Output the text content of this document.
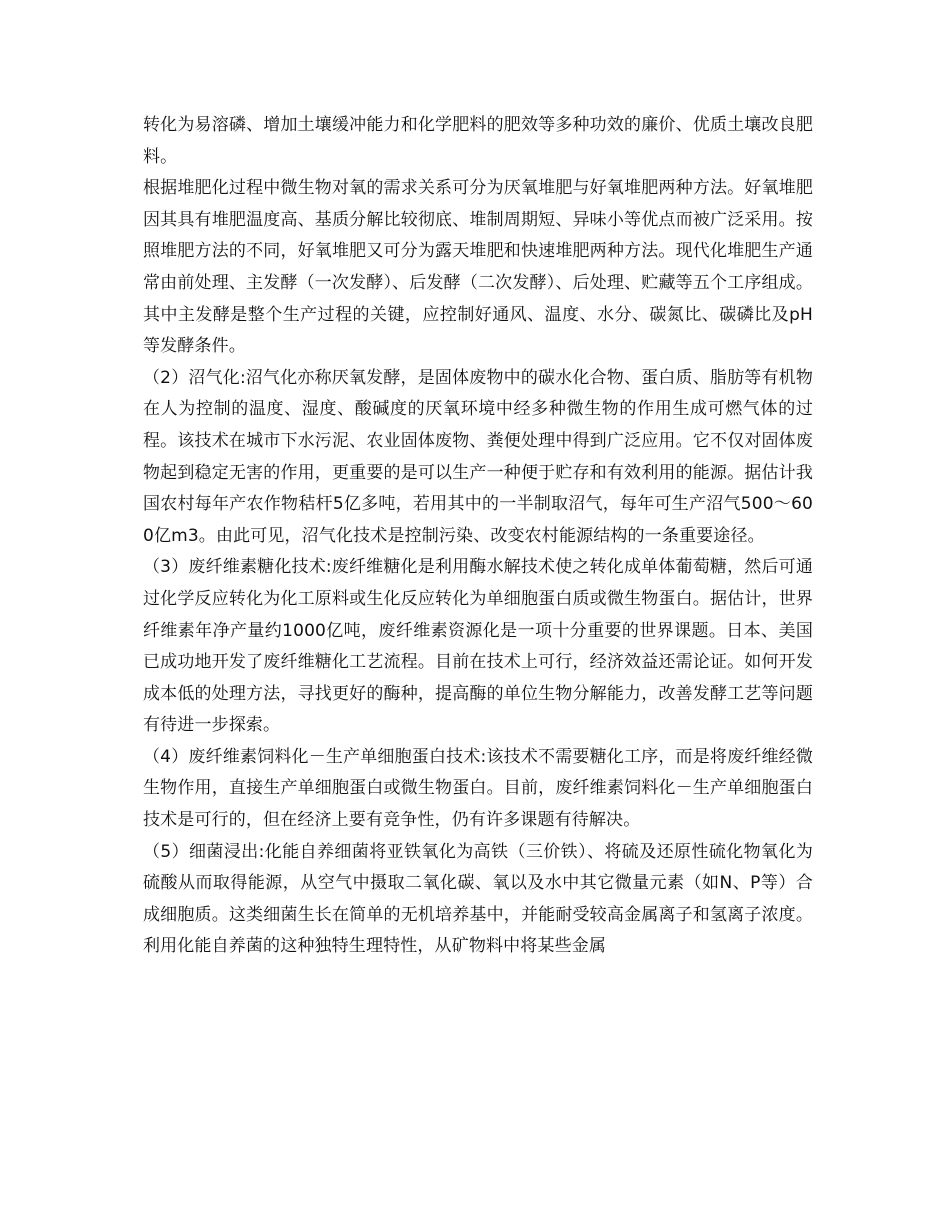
转化为易溶磷、增加土壤缓冲能力和化学肥料的肥效等多种功效的廉价、优质土壤改良肥料。

根据堆肥化过程中微生物对氧的需求关系可分为厌氧堆肥与好氧堆肥两种方法。好氧堆肥因其具有堆肥温度高、基质分解比较彻底、堆制周期短、异味小等优点而被广泛采用。按照堆肥方法的不同，好氧堆肥又可分为露天堆肥和快速堆肥两种方法。现代化堆肥生产通常由前处理、主发酵（一次发酵）、后发酵（二次发酵）、后处理、贮藏等五个工序组成。其中主发酵是整个生产过程的关键，应控制好通风、温度、水分、碳氮比、碳磷比及pH等发酵条件。

（2）沼气化:沼气化亦称厌氧发酵，是固体废物中的碳水化合物、蛋白质、脂肪等有机物在人为控制的温度、湿度、酸碱度的厌氧环境中经多种微生物的作用生成可燃气体的过程。该技术在城市下水污泥、农业固体废物、粪便处理中得到广泛应用。它不仅对固体废物起到稳定无害的作用，更重要的是可以生产一种便于贮存和有效利用的能源。据估计我国农村每年产农作物秸杆5亿多吨，若用其中的一半制取沼气，每年可生产沼气500～600亿m3。由此可见，沼气化技术是控制污染、改变农村能源结构的一条重要途径。

（3）废纤维素糖化技术:废纤维糖化是利用酶水解技术使之转化成单体葡萄糖，然后可通过化学反应转化为化工原料或生化反应转化为单细胞蛋白质或微生物蛋白。据估计，世界纤维素年净产量约1000亿吨，废纤维素资源化是一项十分重要的世界课题。日本、美国已成功地开发了废纤维糖化工艺流程。目前在技术上可行，经济效益还需论证。如何开发成本低的处理方法，寻找更好的酶种，提高酶的单位生物分解能力，改善发酵工艺等问题有待进一步探索。

（4）废纤维素饲料化－生产单细胞蛋白技术:该技术不需要糖化工序，而是将废纤维经微生物作用，直接生产单细胞蛋白或微生物蛋白。目前，废纤维素饲料化－生产单细胞蛋白技术是可行的，但在经济上要有竞争性，仍有许多课题有待解决。

（5）细菌浸出:化能自养细菌将亚铁氧化为高铁（三价铁）、将硫及还原性硫化物氧化为硫酸从而取得能源，从空气中摄取二氧化碳、氧以及水中其它微量元素（如N、P等）合成细胞质。这类细菌生长在简单的无机培养基中，并能耐受较高金属离子和氢离子浓度。利用化能自养菌的这种独特生理特性，从矿物料中将某些金属
